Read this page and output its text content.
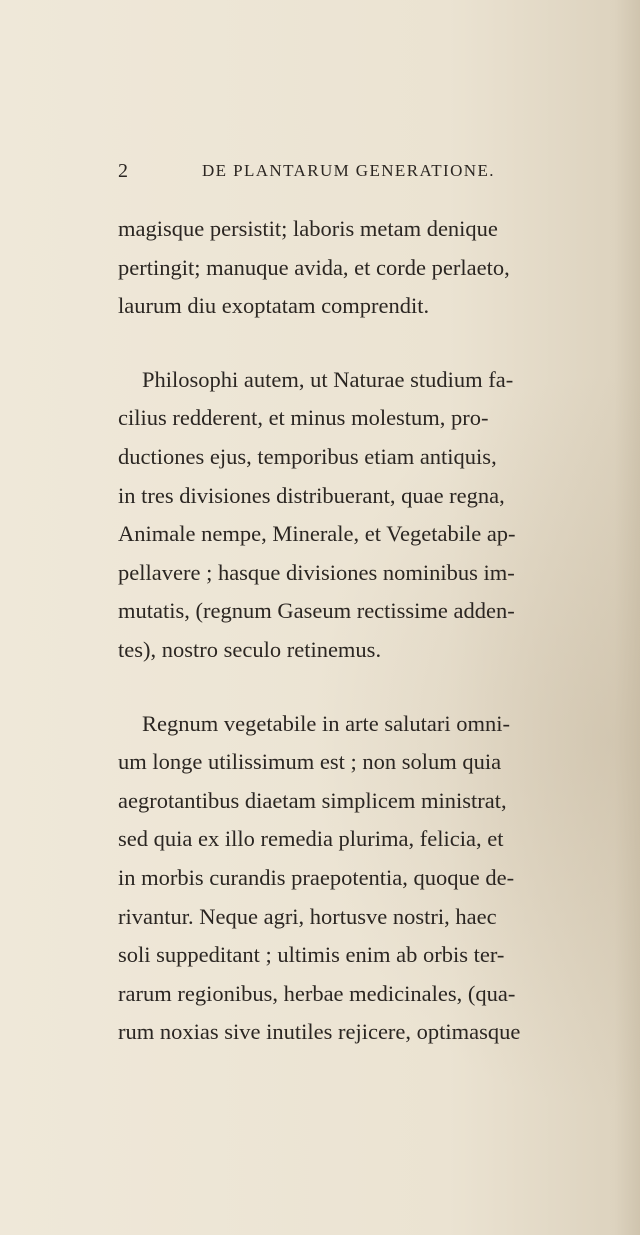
2	DE PLANTARUM GENERATIONE.
magisque persistit; laboris metam denique
pertingit; manuque avida, et corde perlaeto,
laurum diu exoptatam comprendit.
Philosophi autem, ut Naturae studium fa-
cilius redderent, et minus molestum, pro-
ductiones ejus, temporibus etiam antiquis,
in tres divisiones distribuerant, quae regna,
Animale nempe, Minerale, et Vegetabile ap-
pellavere ; hasque divisiones nominibus im-
mutatis, (regnum Gaseum rectissime adden-
tes), nostro seculo retinemus.
Regnum vegetabile in arte salutari omni-
um longe utilissimum est ; non solum quia
aegrotantibus diaetam simplicem ministrat,
sed quia ex illo remedia plurima, felicia, et
in morbis curandis praepotentia, quoque de-
rivantur. Neque agri, hortusve nostri, haec
soli suppeditant ; ultimis enim ab orbis ter-
rarum regionibus, herbae medicinales, (qua-
rum noxias sive inutiles rejicere, optimasque
